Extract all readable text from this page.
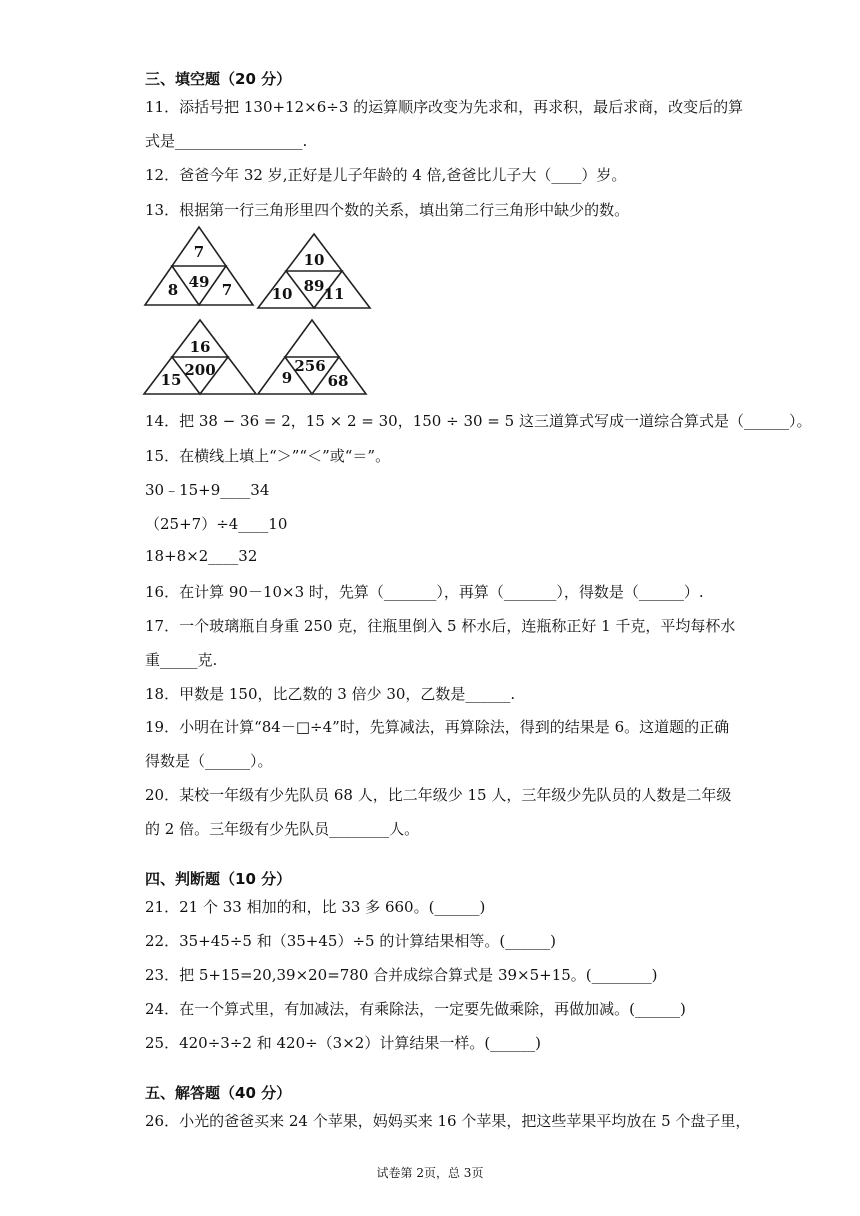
三、填空题（20 分）
11．添括号把 130+12×6÷3 的运算顺序改变为先求和，再求积，最后求商，改变后的算
式是_________________.
12．爸爸今年 32 岁,正好是儿子年龄的 4 倍,爸爸比儿子大（____）岁。
13．根据第一行三角形里四个数的关系，填出第二行三角形中缺少的数。
7
49
8	7
10
89
10 11
16
200
15
256
9 68
14．把 38 − 36 = 2，15 × 2 = 30，150 ÷ 30 = 5 这三道算式写成一道综合算式是（______）。
15．在横线上填上“＞”“＜”或“＝”。
30﹣15+9____34
（25+7）÷4____10
18+8×2____32
16．在计算 90－10×3 时，先算（_______），再算（_______），得数是（______）.
17．一个玻璃瓶自身重 250 克，往瓶里倒入 5 杯水后，连瓶称正好 1 千克，平均每杯水
重_____克.
18．甲数是 150，比乙数的 3 倍少 30，乙数是______.
19．小明在计算“84－□÷4”时，先算减法，再算除法，得到的结果是 6。这道题的正确
得数是（______）。
20．某校一年级有少先队员 68 人，比二年级少 15 人，三年级少先队员的人数是二年级
的 2 倍。三年级有少先队员________人。
四、判断题（10 分）
21．21 个 33 相加的和，比 33 多 660。(______)
22．35+45÷5 和（35+45）÷5 的计算结果相等。(______)
23．把 5+15=20,39×20=780 合并成综合算式是 39×5+15。(________)
24．在一个算式里，有加减法，有乘除法，一定要先做乘除，再做加减。(______)
25．420÷3÷2 和 420÷（3×2）计算结果一样。(______)
五、解答题（40 分）
26．小光的爸爸买来 24 个苹果，妈妈买来 16 个苹果，把这些苹果平均放在 5 个盘子里，
试卷第 2页，总 3页
